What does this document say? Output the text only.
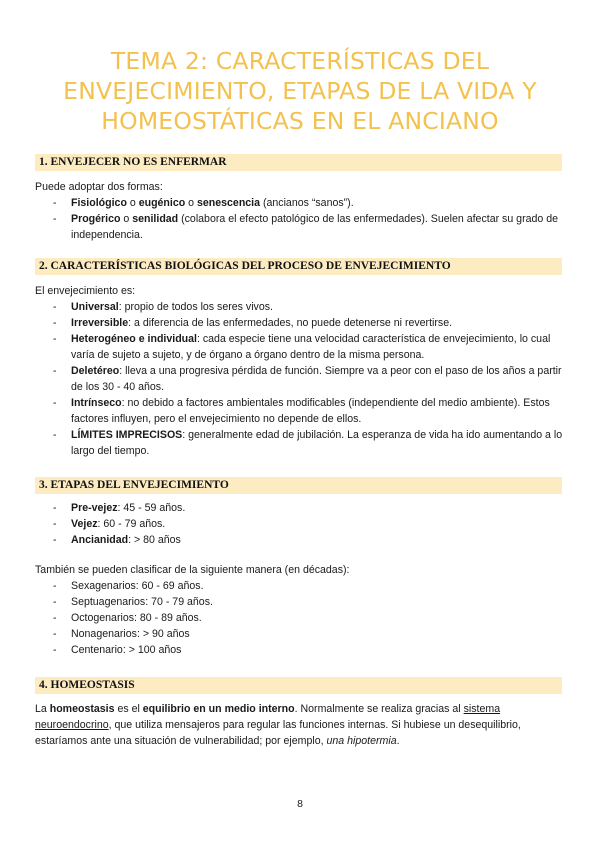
TEMA 2: CARACTERÍSTICAS DEL
ENVEJECIMIENTO, ETAPAS DE LA VIDA Y
HOMEOSTÁTICAS EN EL ANCIANO
1. ENVEJECER NO ES ENFERMAR

Puede adoptar dos formas:

- Fisiológico o eugénico o senescencia (ancianos “sanos”).
- Progérico o senilidad (colabora el efecto patológico de las enfermedades). Suelen afectar su grado de independencia.
2. CARACTERÍSTICAS BIOLÓGICAS DEL PROCESO DE ENVEJECIMIENTO

El envejecimiento es:

- Universal: propio de todos los seres vivos.
- Irreversible: a diferencia de las enfermedades, no puede detenerse ni revertirse.
- Heterogéneo e individual: cada especie tiene una velocidad característica de envejecimiento, lo cual varía de sujeto a sujeto, y de órgano a órgano dentro de la misma persona.
- Deletéreo: lleva a una progresiva pérdida de función. Siempre va a peor con el paso de los años a partir de los 30 - 40 años.
- Intrínseco: no debido a factores ambientales modificables (independiente del medio ambiente). Estos factores influyen, pero el envejecimiento no depende de ellos.
- LÍMITES IMPRECISOS: generalmente edad de jubilación. La esperanza de vida ha ido aumentando a lo largo del tiempo.
3. ETAPAS DEL ENVEJECIMIENTO
- Pre-vejez: 45 - 59 años.
- Vejez: 60 - 79 años.
- Ancianidad: > 80 años

También se pueden clasificar de la siguiente manera (en décadas):

- Sexagenarios: 60 - 69 años.
- Septuagenarios: 70 - 79 años.
- Octogenarios: 80 - 89 años.
- Nonagenarios: > 90 años
- Centenario: > 100 años
4. HOMEOSTASIS

La homeostasis es el equilibrio en un medio interno. Normalmente se realiza gracias al sistema neuroendocrino, que utiliza mensajeros para regular las funciones internas. Si hubiese un desequilibrio, estaríamos ante una situación de vulnerabilidad; por ejemplo, una hipotermia.

8
